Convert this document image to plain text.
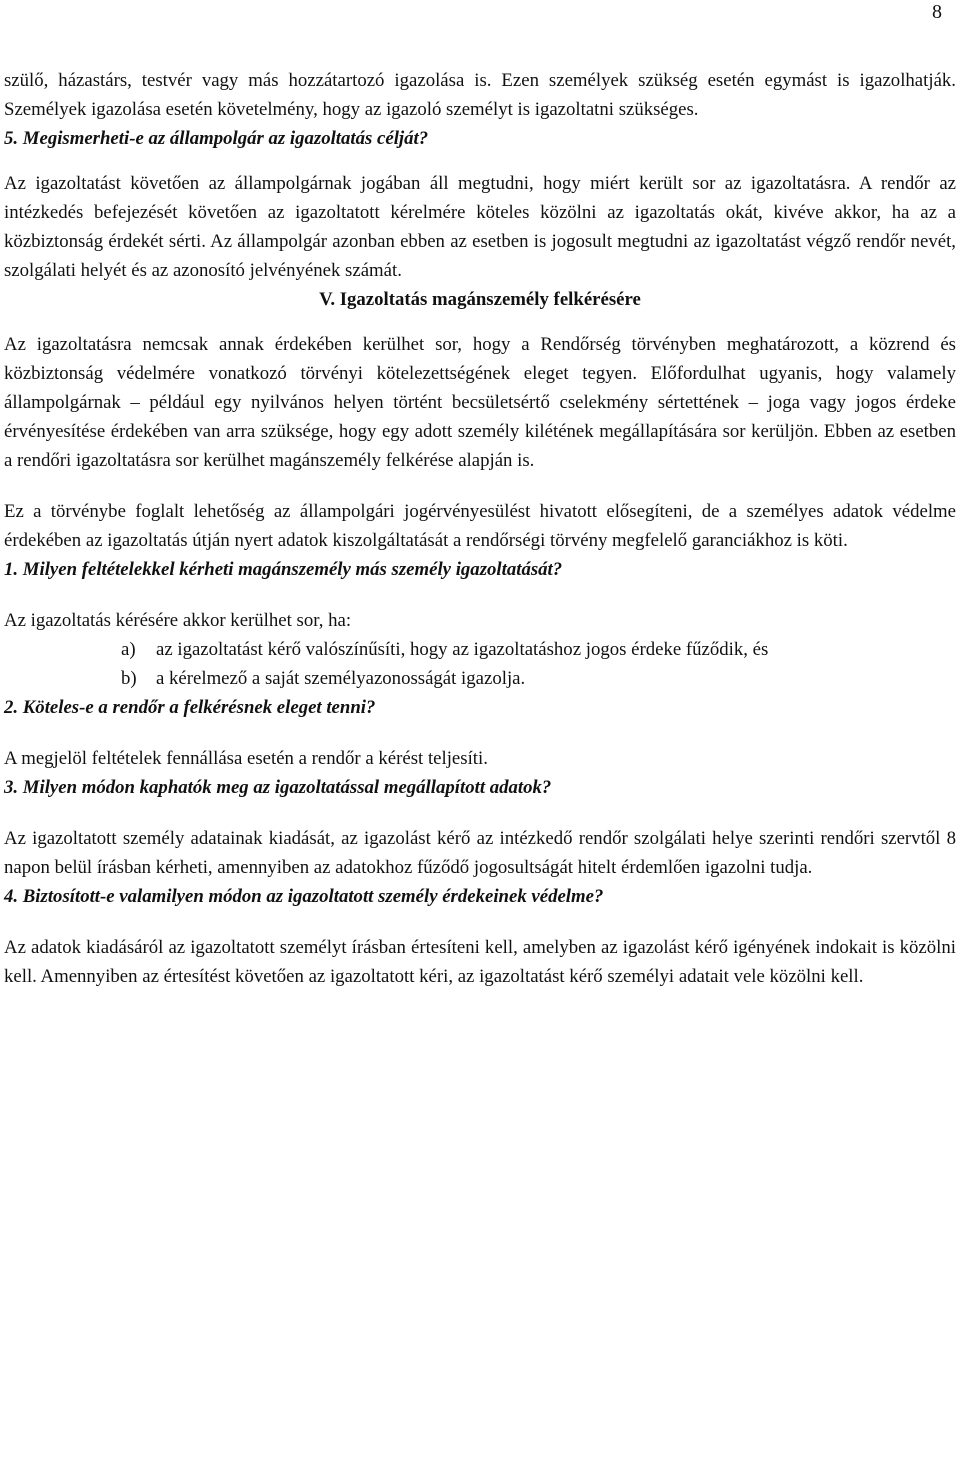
8

szülő, házastárs, testvér vagy más hozzátartozó igazolása is. Ezen személyek szükség esetén egymást is igazolhatják. Személyek igazolása esetén követelmény, hogy az igazoló személyt is igazoltatni szükséges.

5. Megismerheti-e az állampolgár az igazoltatás célját?

Az igazoltatást követően az állampolgárnak jogában áll megtudni, hogy miért került sor az igazoltatásra. A rendőr az intézkedés befejezését követően az igazoltatott kérelmére köteles közölni az igazoltatás okát, kivéve akkor, ha az a közbiztonság érdekét sérti. Az állampolgár azonban ebben az esetben is jogosult megtudni az igazoltatást végző rendőr nevét, szolgálati helyét és az azonosító jelvényének számát.

V. Igazoltatás magánszemély felkérésére

Az igazoltatásra nemcsak annak érdekében kerülhet sor, hogy a Rendőrség törvényben meghatározott, a közrend és közbiztonság védelmére vonatkozó törvényi kötelezettségének eleget tegyen. Előfordulhat ugyanis, hogy valamely állampolgárnak – például egy nyilvános helyen történt becsületsértő cselekmény sértettének – joga vagy jogos érdeke érvényesítése érdekében van arra szüksége, hogy egy adott személy kilétének megállapítására sor kerüljön. Ebben az esetben a rendőri igazoltatásra sor kerülhet magánszemély felkérése alapján is.

Ez a törvénybe foglalt lehetőség az állampolgári jogérvényesülést hivatott elősegíteni, de a személyes adatok védelme érdekében az igazoltatás útján nyert adatok kiszolgáltatását a rendőrségi törvény megfelelő garanciákhoz is köti.

1. Milyen feltételekkel kérheti magánszemély más személy igazoltatását?

Az igazoltatás kérésére akkor kerülhet sor, ha:

a)	az igazoltatást kérő valószínűsíti, hogy az igazoltatáshoz jogos érdeke fűződik, és
b)	a kérelmező a saját személyazonosságát igazolja.

2. Köteles-e a rendőr a felkérésnek eleget tenni?

A megjelöl feltételek fennállása esetén a rendőr a kérést teljesíti.

3. Milyen módon kaphatók meg az igazoltatással megállapított adatok?

Az igazoltatott személy adatainak kiadását, az igazolást kérő az intézkedő rendőr szolgálati helye szerinti rendőri szervtől 8 napon belül írásban kérheti, amennyiben az adatokhoz fűződő jogosultságát hitelt érdemlően igazolni tudja.

4. Biztosított-e valamilyen módon az igazoltatott személy érdekeinek védelme?

Az adatok kiadásáról az igazoltatott személyt írásban értesíteni kell, amelyben az igazolást kérő igényének indokait is közölni kell. Amennyiben az értesítést követően az igazoltatott kéri, az igazoltatást kérő személyi adatait vele közölni kell.
